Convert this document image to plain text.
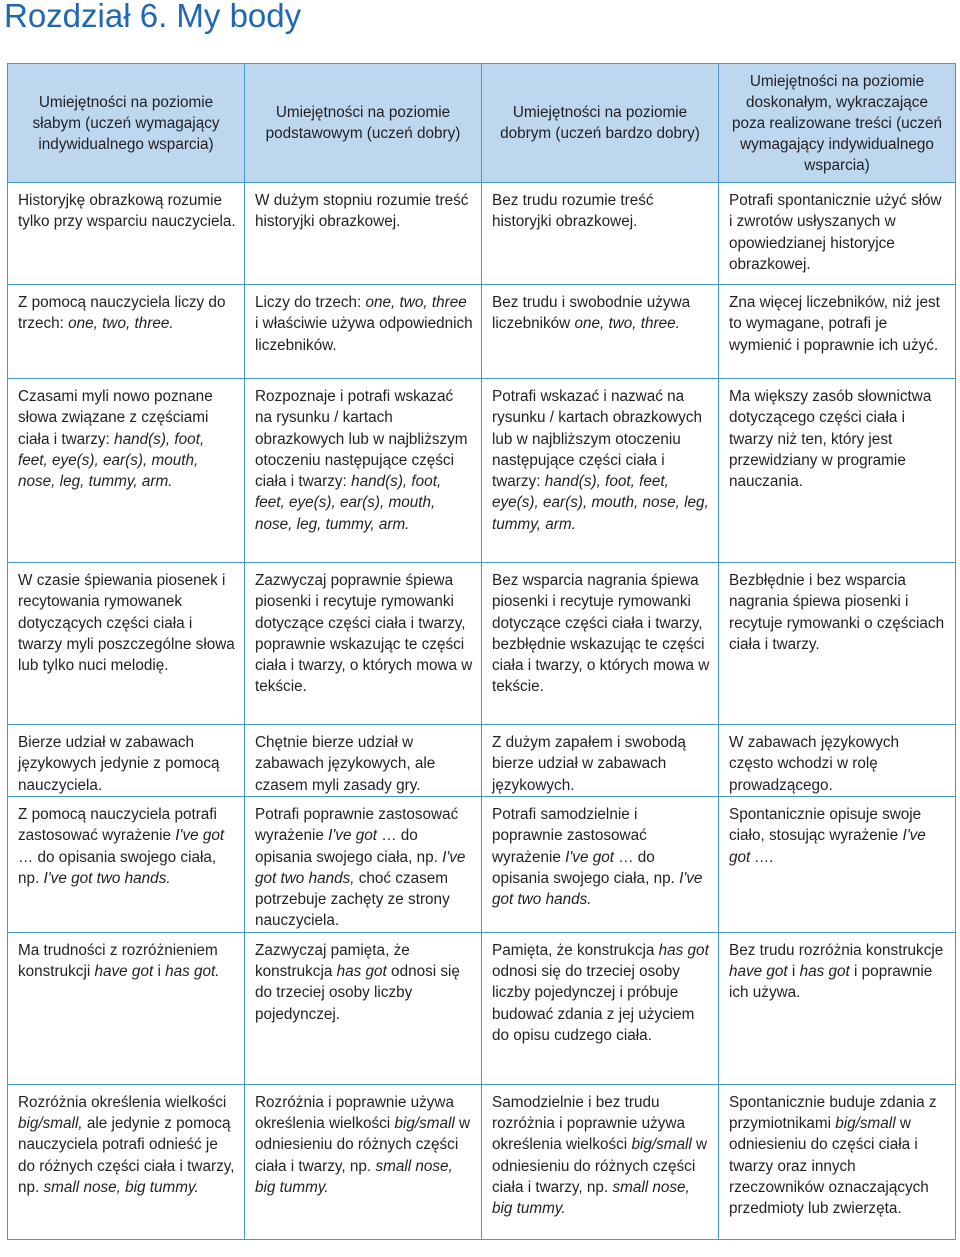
Rozdział 6. My body
Umiejętności na poziomie słabym (uczeń wymagający indywidualnego wsparcia)	Umiejętności na poziomie podstawowym (uczeń dobry)	Umiejętności na poziomie dobrym (uczeń bardzo dobry)	Umiejętności na poziomie doskonałym, wykraczające poza realizowane treści (uczeń wymagający indywidualnego wsparcia)
Historyjkę obrazkową rozumie tylko przy wsparciu nauczyciela.	W dużym stopniu rozumie treść historyjki obrazkowej.	Bez trudu rozumie treść historyjki obrazkowej.	Potrafi spontanicznie użyć słów i zwrotów usłyszanych w opowiedzianej historyjce obrazkowej.
Z pomocą nauczyciela liczy do trzech: one, two, three.	Liczy do trzech: one, two, three i właściwie używa odpowiednich liczebników.	Bez trudu i swobodnie używa liczebników one, two, three.	Zna więcej liczebników, niż jest to wymagane, potrafi je wymienić i poprawnie ich użyć.
Czasami myli nowo poznane słowa związane z częściami ciała i twarzy: hand(s), foot, feet, eye(s), ear(s), mouth, nose, leg, tummy, arm.	Rozpoznaje i potrafi wskazać na rysunku / kartach obrazkowych lub w najbliższym otoczeniu następujące części ciała i twarzy: hand(s), foot, feet, eye(s), ear(s), mouth, nose, leg, tummy, arm.	Potrafi wskazać i nazwać na rysunku / kartach obrazkowych lub w najbliższym otoczeniu następujące części ciała i twarzy: hand(s), foot, feet, eye(s), ear(s), mouth, nose, leg, tummy, arm.	Ma większy zasób słownictwa dotyczącego części ciała i twarzy niż ten, który jest przewidziany w programie nauczania.
W czasie śpiewania piosenek i recytowania rymowanek dotyczących części ciała i twarzy myli poszczególne słowa lub tylko nuci melodię.	Zazwyczaj poprawnie śpiewa piosenki i recytuje rymowanki dotyczące części ciała i twarzy, poprawnie wskazując te części ciała i twarzy, o których mowa w tekście.	Bez wsparcia nagrania śpiewa piosenki i recytuje rymowanki dotyczące części ciała i twarzy, bezbłędnie wskazując te części ciała i twarzy, o których mowa w tekście.	Bezbłędnie i bez wsparcia nagrania śpiewa piosenki i recytuje rymowanki o częściach ciała i twarzy.
Bierze udział w zabawach językowych jedynie z pomocą nauczyciela.	Chętnie bierze udział w zabawach językowych, ale czasem myli zasady gry.	Z dużym zapałem i swobodą bierze udział w zabawach językowych.	W zabawach językowych często wchodzi w rolę prowadzącego.
Z pomocą nauczyciela potrafi zastosować wyrażenie I've got … do opisania swojego ciała, np. I've got two hands.	Potrafi poprawnie zastosować wyrażenie I've got … do opisania swojego ciała, np. I've got two hands, choć czasem potrzebuje zachęty ze strony nauczyciela.	Potrafi samodzielnie i poprawnie zastosować wyrażenie I've got … do opisania swojego ciała, np. I've got two hands.	Spontanicznie opisuje swoje ciało, stosując wyrażenie I've got ….
Ma trudności z rozróżnieniem konstrukcji have got i has got.	Zazwyczaj pamięta, że konstrukcja has got odnosi się do trzeciej osoby liczby pojedynczej.	Pamięta, że konstrukcja has got odnosi się do trzeciej osoby liczby pojedynczej i próbuje budować zdania z jej użyciem do opisu cudzego ciała.	Bez trudu rozróżnia konstrukcje have got i has got i poprawnie ich używa.
Rozróżnia określenia wielkości big/small, ale jedynie z pomocą nauczyciela potrafi odnieść je do różnych części ciała i twarzy, np. small nose, big tummy.	Rozróżnia i poprawnie używa określenia wielkości big/small w odniesieniu do różnych części ciała i twarzy, np. small nose, big tummy.	Samodzielnie i bez trudu rozróżnia i poprawnie używa określenia wielkości big/small w odniesieniu do różnych części ciała i twarzy, np. small nose, big tummy.	Spontanicznie buduje zdania z przymiotnikami big/small w odniesieniu do części ciała i twarzy oraz innych rzeczowników oznaczających przedmioty lub zwierzęta.
